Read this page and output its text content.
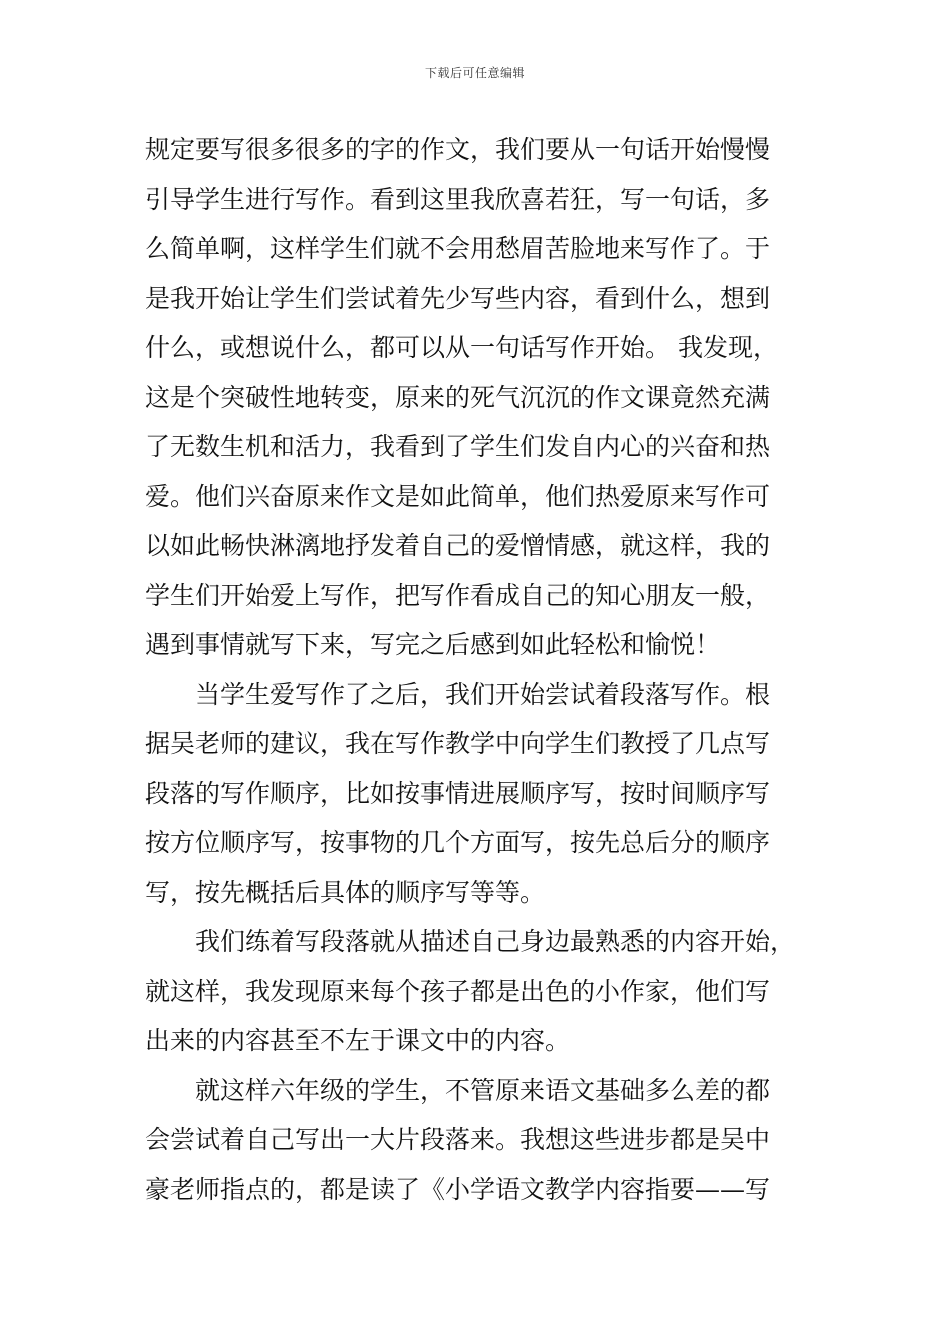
下载后可任意编辑
规定要写很多很多的字的作文，我们要从一句话开始慢慢
引导学生进行写作。看到这里我欣喜若狂，写一句话，多
么简单啊，这样学生们就不会用愁眉苦脸地来写作了。于
是我开始让学生们尝试着先少写些内容，看到什么，想到
什么，或想说什么，都可以从一句话写作开始。 我发现，
这是个突破性地转变，原来的死气沉沉的作文课竟然充满
了无数生机和活力，我看到了学生们发自内心的兴奋和热
爱。他们兴奋原来作文是如此简单，他们热爱原来写作可
以如此畅快淋漓地抒发着自己的爱憎情感，就这样，我的
学生们开始爱上写作，把写作看成自己的知心朋友一般，
遇到事情就写下来，写完之后感到如此轻松和愉悦！
当学生爱写作了之后，我们开始尝试着段落写作。根
据吴老师的建议，我在写作教学中向学生们教授了几点写
段落的写作顺序，比如按事情进展顺序写，按时间顺序写
按方位顺序写，按事物的几个方面写，按先总后分的顺序
写，按先概括后具体的顺序写等等。
我们练着写段落就从描述自己身边最熟悉的内容开始，
就这样，我发现原来每个孩子都是出色的小作家，他们写
出来的内容甚至不左于课文中的内容。
就这样六年级的学生，不管原来语文基础多么差的都
会尝试着自己写出一大片段落来。我想这些进步都是吴中
豪老师指点的，都是读了《小学语文教学内容指要——写
